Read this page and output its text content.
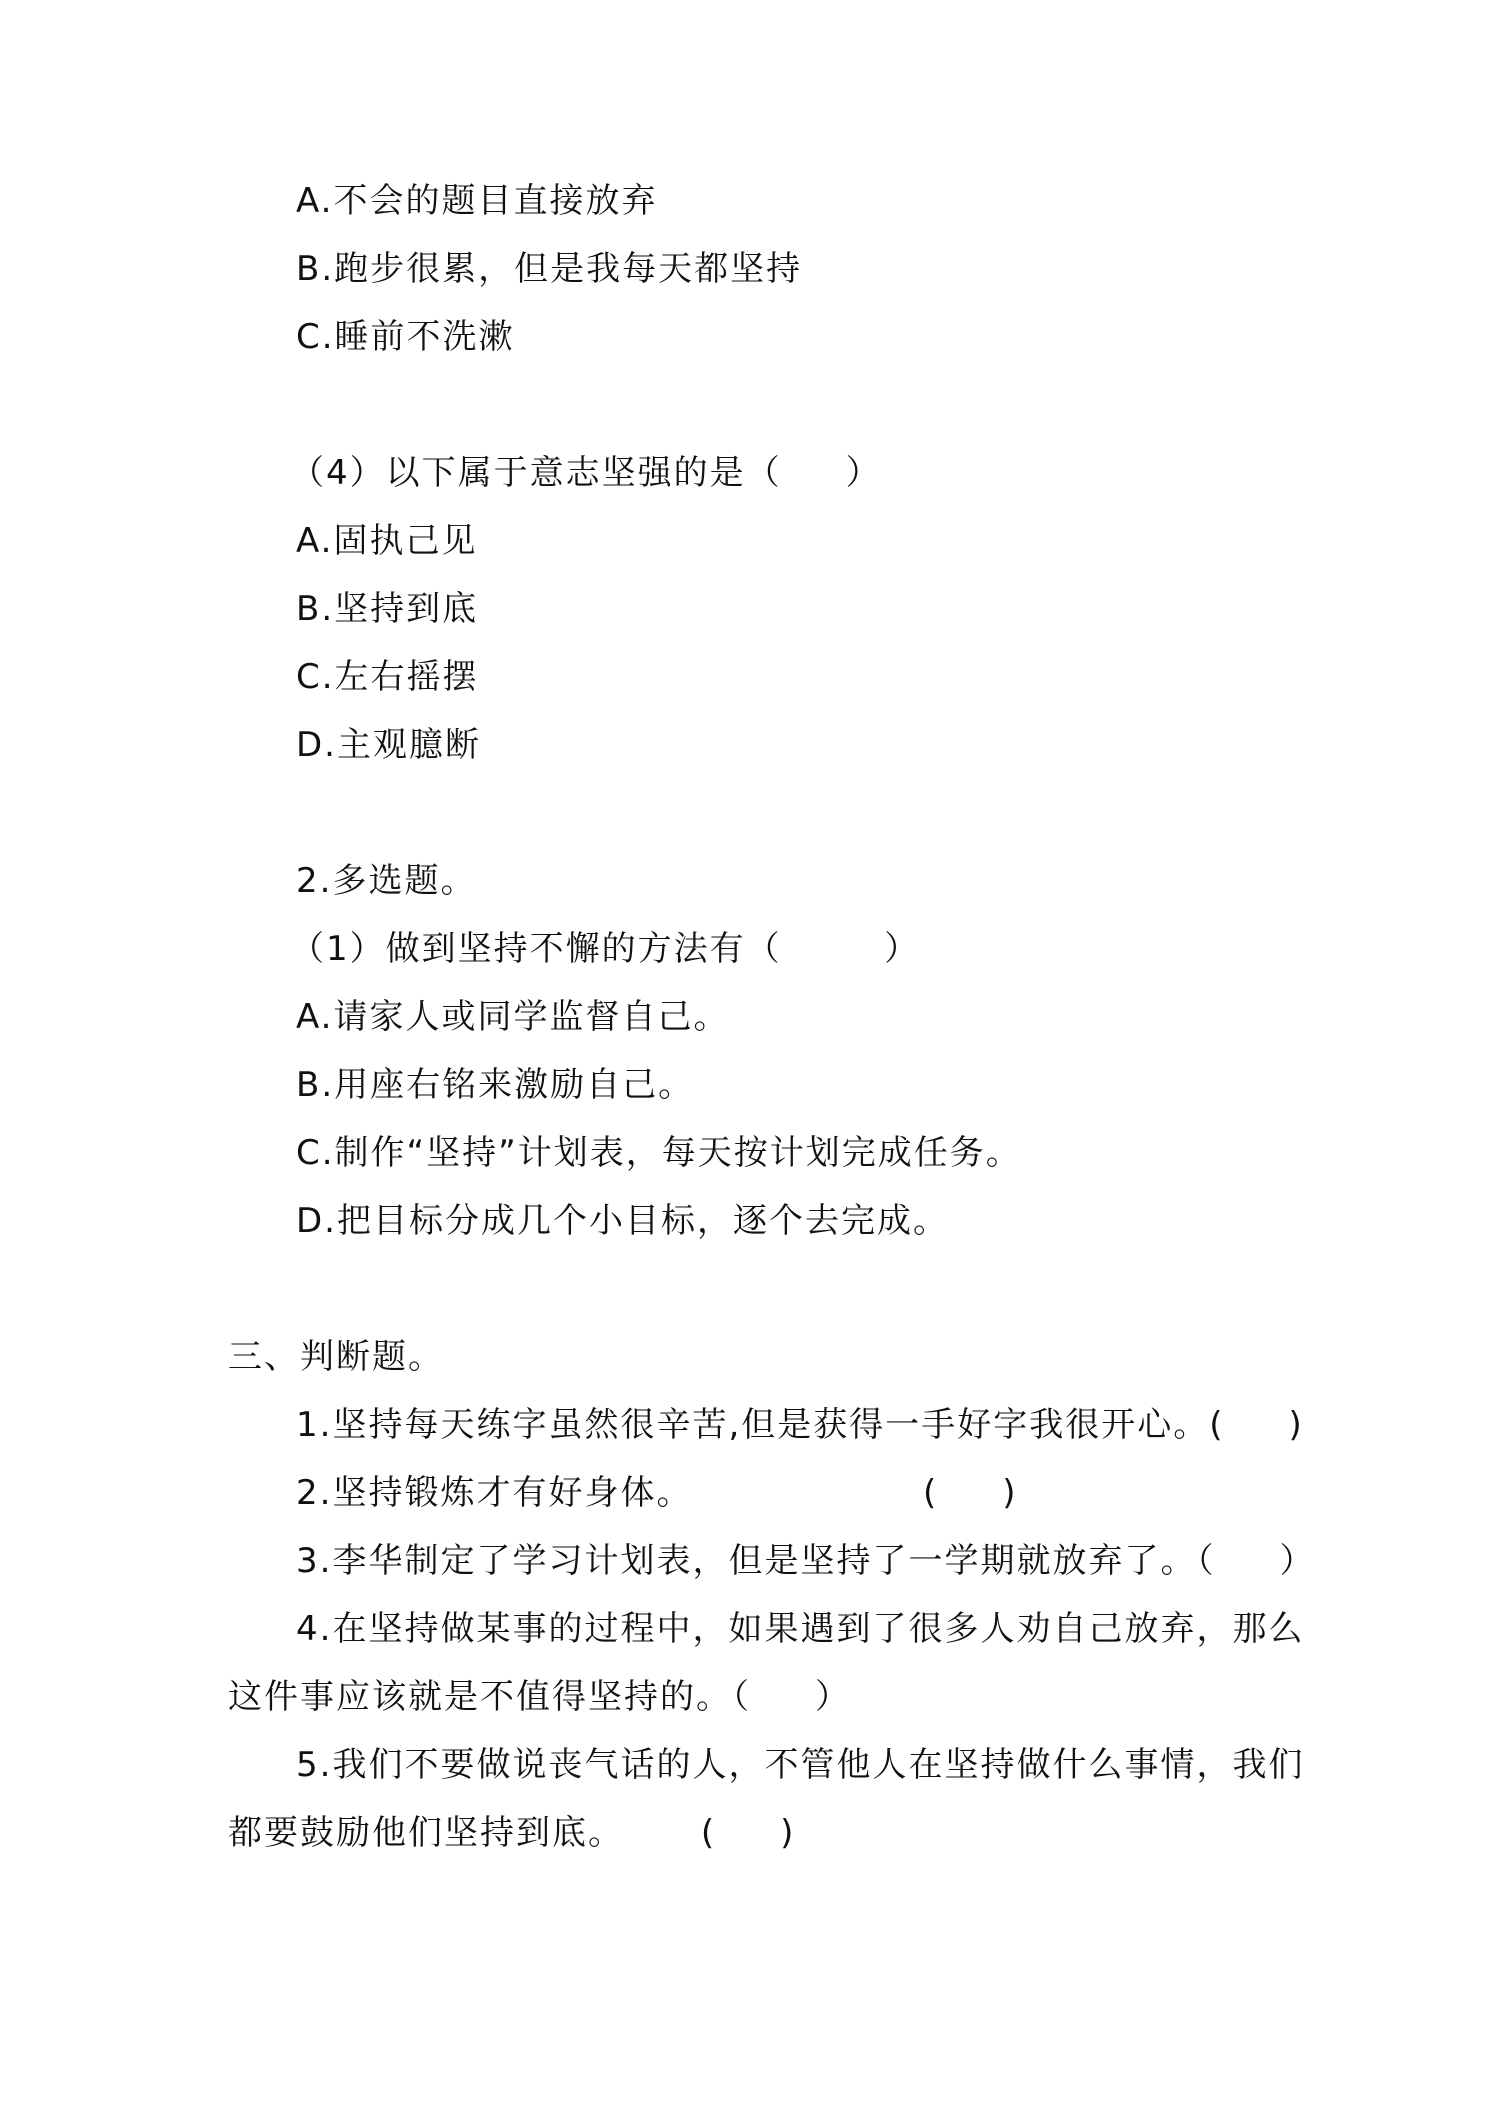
A.不会的题目直接放弃
B.跑步很累，但是我每天都坚持
C.睡前不洗漱
（4）以下属于意志坚强的是（     ）
A.固执己见
B.坚持到底
C.左右摇摆
D.主观臆断
2.多选题。
（1）做到坚持不懈的方法有（        ）
A.请家人或同学监督自己。
B.用座右铭来激励自己。
C.制作“坚持”计划表，每天按计划完成任务。
D.把目标分成几个小目标，逐个去完成。
三、判断题。
1.坚持每天练字虽然很辛苦,但是获得一手好字我很开心。(     )
2.坚持锻炼才有好身体。                  (     )
3.李华制定了学习计划表，但是坚持了一学期就放弃了。（     ）
4.在坚持做某事的过程中，如果遇到了很多人劝自己放弃，那么
这件事应该就是不值得坚持的。（     ）
5.我们不要做说丧气话的人，不管他人在坚持做什么事情，我们
都要鼓励他们坚持到底。      (     )
